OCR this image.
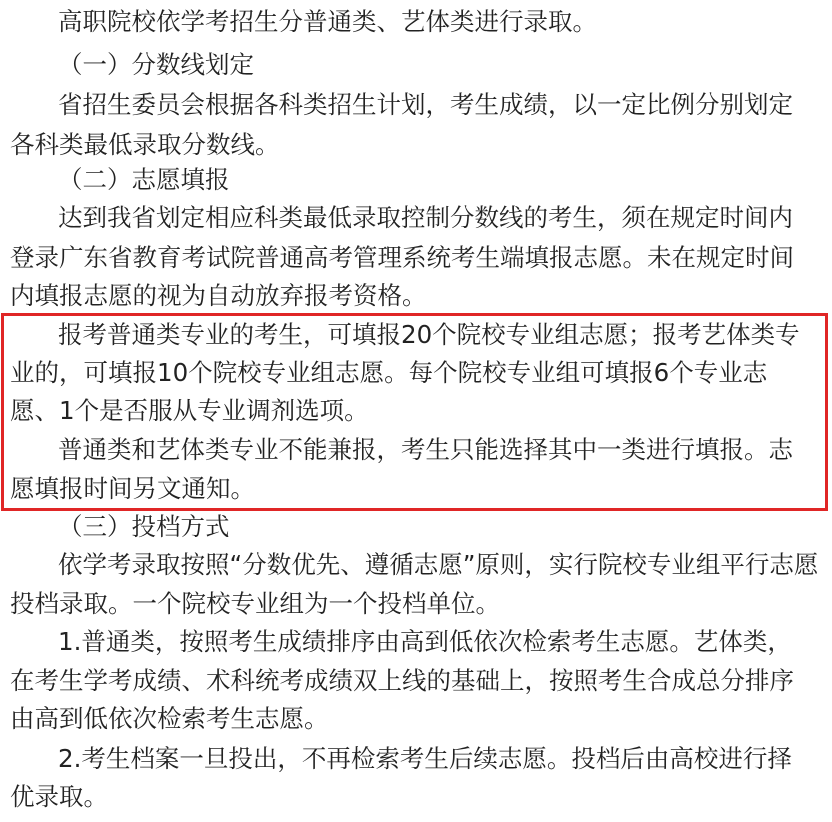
高职院校依学考招生分普通类、艺体类进行录取。
（一）分数线划定
省招生委员会根据各科类招生计划，考生成绩，以一定比例分别划定
各科类最低录取分数线。
（二）志愿填报
达到我省划定相应科类最低录取控制分数线的考生，须在规定时间内
登录广东省教育考试院普通高考管理系统考生端填报志愿。未在规定时间
内填报志愿的视为自动放弃报考资格。
报考普通类专业的考生，可填报20个院校专业组志愿；报考艺体类专
业的，可填报10个院校专业组志愿。每个院校专业组可填报6个专业志
愿、1个是否服从专业调剂选项。
普通类和艺体类专业不能兼报，考生只能选择其中一类进行填报。志
愿填报时间另文通知。
（三）投档方式
依学考录取按照“分数优先、遵循志愿”原则，实行院校专业组平行志愿
投档录取。一个院校专业组为一个投档单位。
1.普通类，按照考生成绩排序由高到低依次检索考生志愿。艺体类，
在考生学考成绩、术科统考成绩双上线的基础上，按照考生合成总分排序
由高到低依次检索考生志愿。
2.考生档案一旦投出，不再检索考生后续志愿。投档后由高校进行择
优录取。
